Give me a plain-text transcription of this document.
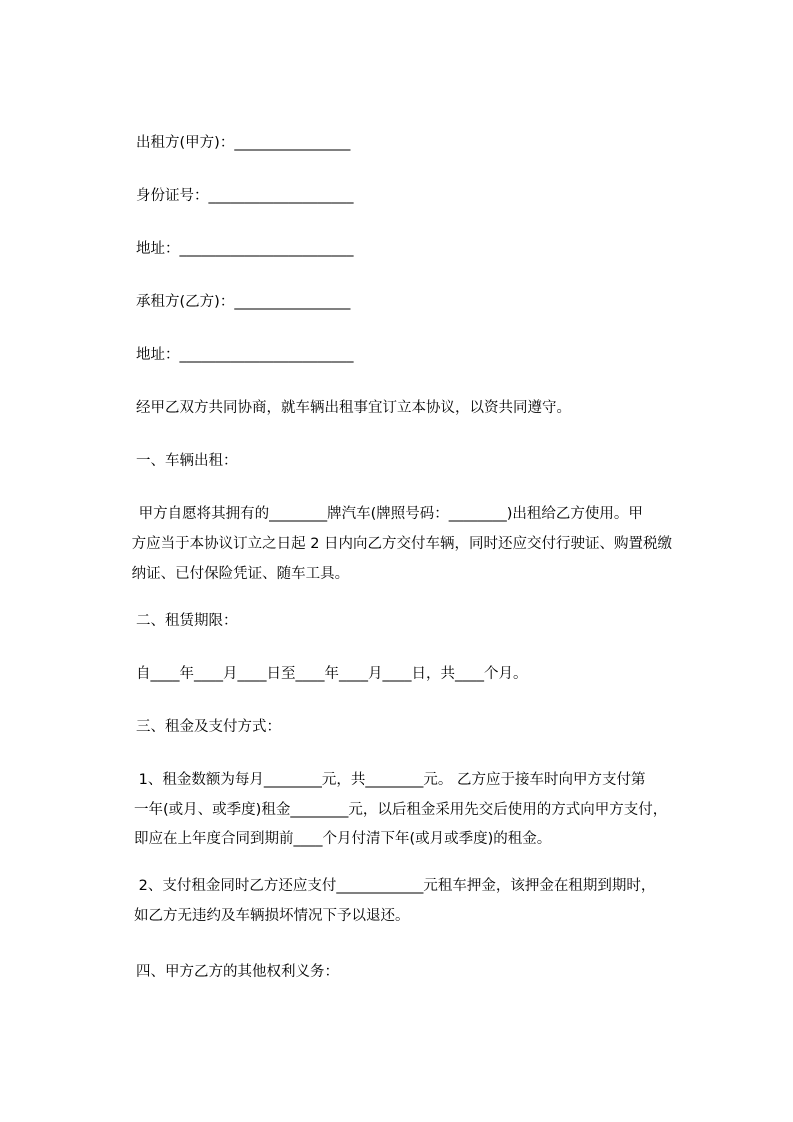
出租方(甲方)：________________
身份证号：____________________
地址：________________________
承租方(乙方)：________________
地址：________________________
经甲乙双方共同协商，就车辆出租事宜订立本协议，以资共同遵守。
一、车辆出租：
甲方自愿将其拥有的________牌汽车(牌照号码：________)出租给乙方使用。甲
方应当于本协议订立之日起 2 日内向乙方交付车辆，同时还应交付行驶证、购置税缴
纳证、已付保险凭证、随车工具。
二、租赁期限：
自____年____月____日至____年____月____日，共____个月。
三、租金及支付方式：
1、租金数额为每月________元，共________元。 乙方应于接车时向甲方支付第
一年(或月、或季度)租金________元，以后租金采用先交后使用的方式向甲方支付，
即应在上年度合同到期前____个月付清下年(或月或季度)的租金。
2、支付租金同时乙方还应支付____________元租车押金，该押金在租期到期时，
如乙方无违约及车辆损坏情况下予以退还。
四、甲方乙方的其他权利义务：
